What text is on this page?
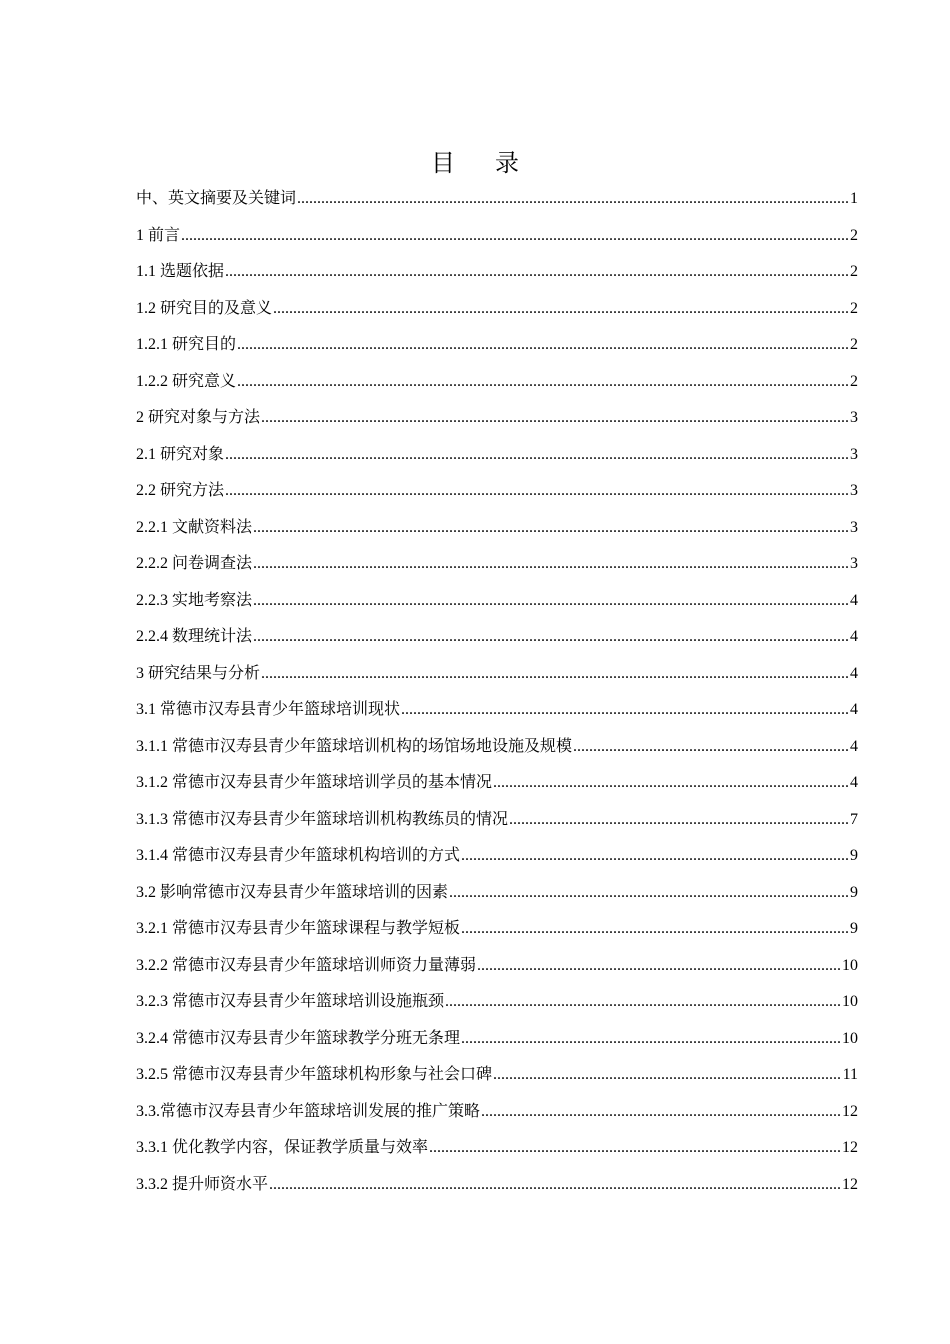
目录
中、英文摘要及关键词 .....	1
1 前言 .....	2
1.1 选题依据 .....	2
1.2 研究目的及意义 .....	2
1.2.1 研究目的 .....	2
1.2.2 研究意义 .....	2
2 研究对象与方法 .....	3
2.1 研究对象 .....	3
2.2 研究方法 .....	3
2.2.1 文献资料法 .....	3
2.2.2 问卷调查法 .....	3
2.2.3 实地考察法 .....	4
2.2.4 数理统计法 .....	4
3 研究结果与分析 .....	4
3.1 常德市汉寿县青少年篮球培训现状 .....	4
3.1.1 常德市汉寿县青少年篮球培训机构的场馆场地设施及规模 .....	4
3.1.2 常德市汉寿县青少年篮球培训学员的基本情况 .....	4
3.1.3 常德市汉寿县青少年篮球培训机构教练员的情况 .....	7
3.1.4 常德市汉寿县青少年篮球机构培训的方式 .....	9
3.2 影响常德市汉寿县青少年篮球培训的因素 .....	9
3.2.1 常德市汉寿县青少年篮球课程与教学短板 .....	9
3.2.2 常德市汉寿县青少年篮球培训师资力量薄弱 .....	10
3.2.3 常德市汉寿县青少年篮球培训设施瓶颈 .....	10
3.2.4 常德市汉寿县青少年篮球教学分班无条理 .....	10
3.2.5 常德市汉寿县青少年篮球机构形象与社会口碑 .....	11
3.3.常德市汉寿县青少年篮球培训发展的推广策略 .....	12
3.3.1 优化教学内容，保证教学质量与效率 .....	12
3.3.2 提升师资水平 .....	12
